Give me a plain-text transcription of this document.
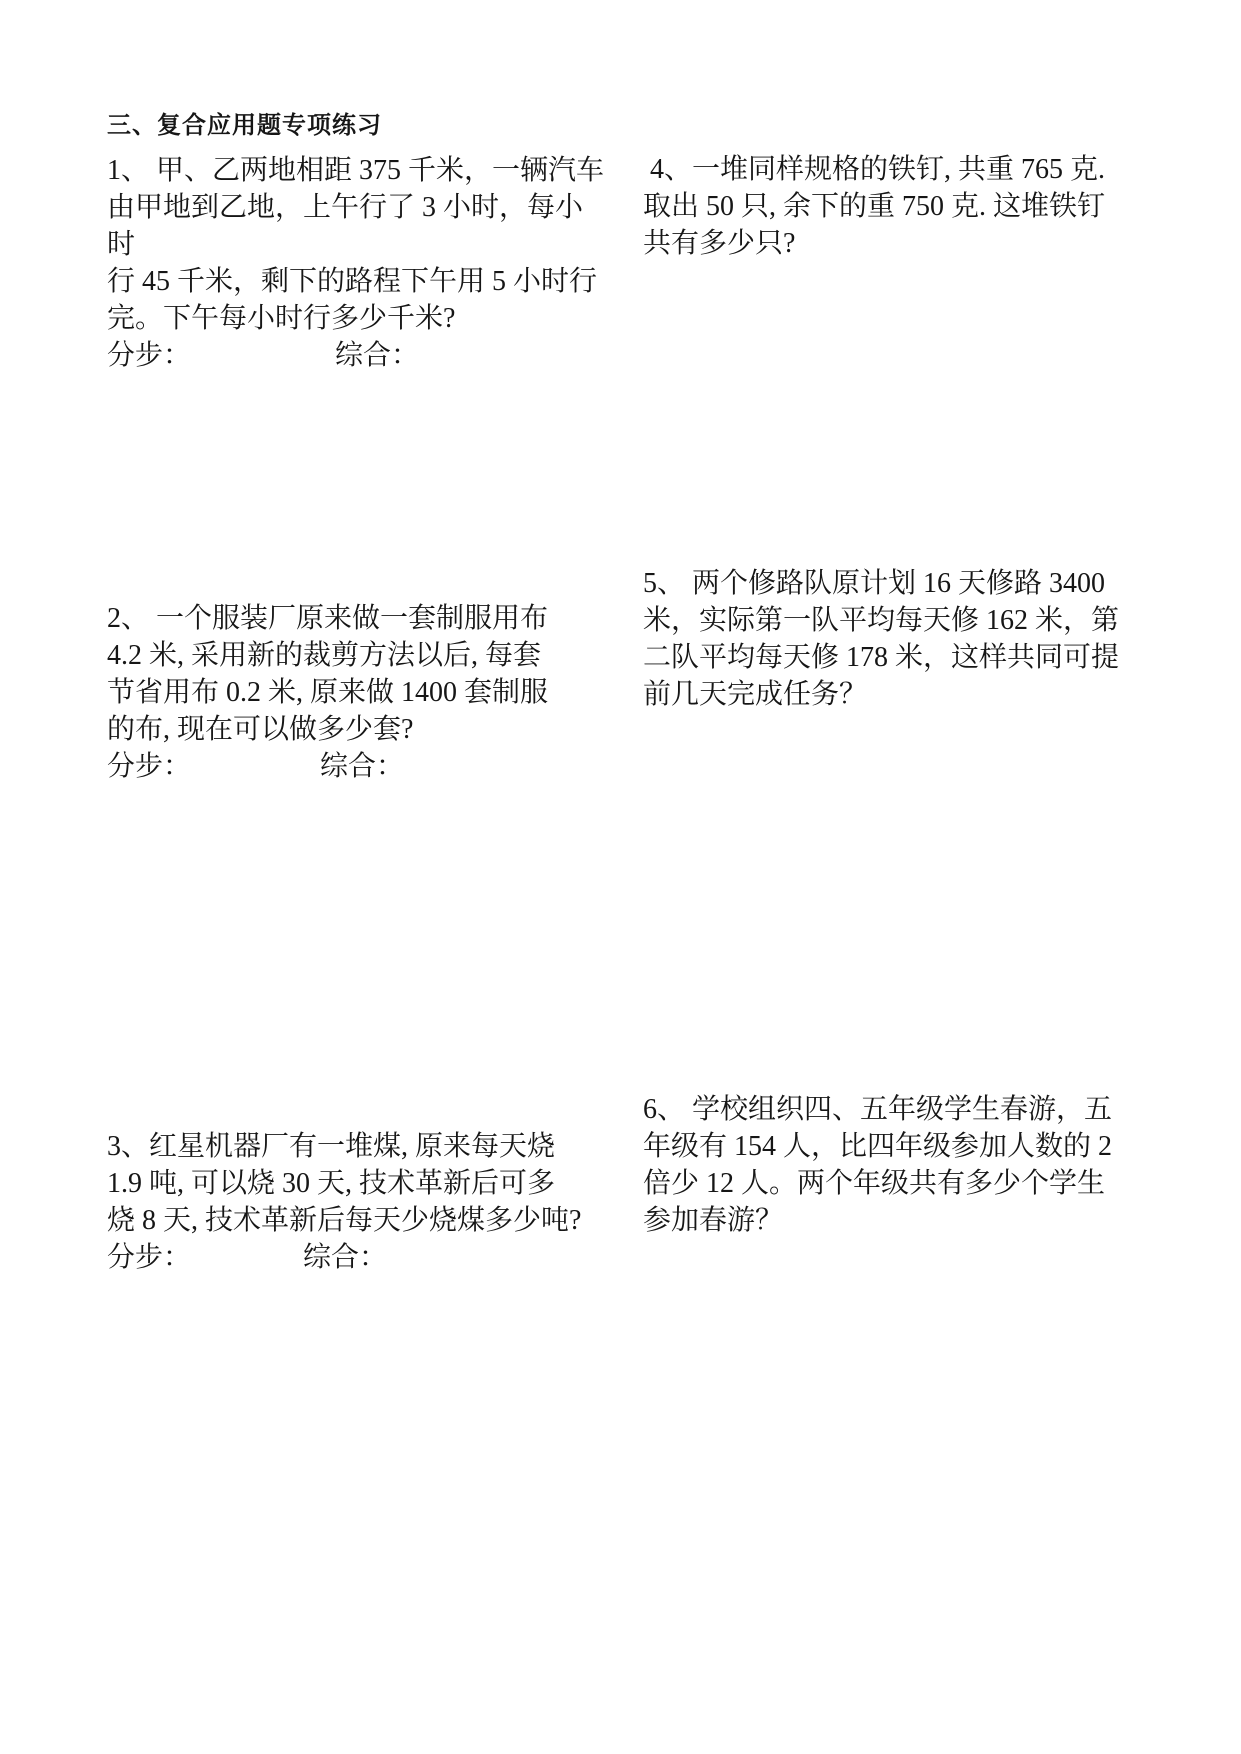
三、复合应用题专项练习
1、 甲、乙两地相距 375 千米，一辆汽车
由甲地到乙地，上午行了 3 小时，每小时
行 45 千米，剩下的路程下午用 5 小时行
完。下午每小时行多少千米?
分步：	综合：
2、 一个服装厂原来做一套制服用布
4.2 米, 采用新的裁剪方法以后, 每套
节省用布 0.2 米, 原来做 1400 套制服
的布, 现在可以做多少套?
分步：	综合：
3、红星机器厂有一堆煤, 原来每天烧
1.9 吨, 可以烧 30 天, 技术革新后可多
烧 8 天, 技术革新后每天少烧煤多少吨?
分步：	综合：
4、一堆同样规格的铁钉, 共重 765 克.
取出 50 只, 余下的重 750 克. 这堆铁钉
共有多少只?
5、 两个修路队原计划 16 天修路 3400
米，实际第一队平均每天修 162 米，第
二队平均每天修 178 米，这样共同可提
前几天完成任务？
6、 学校组织四、五年级学生春游，五
年级有 154 人，比四年级参加人数的 2
倍少 12 人。两个年级共有多少个学生
参加春游？
